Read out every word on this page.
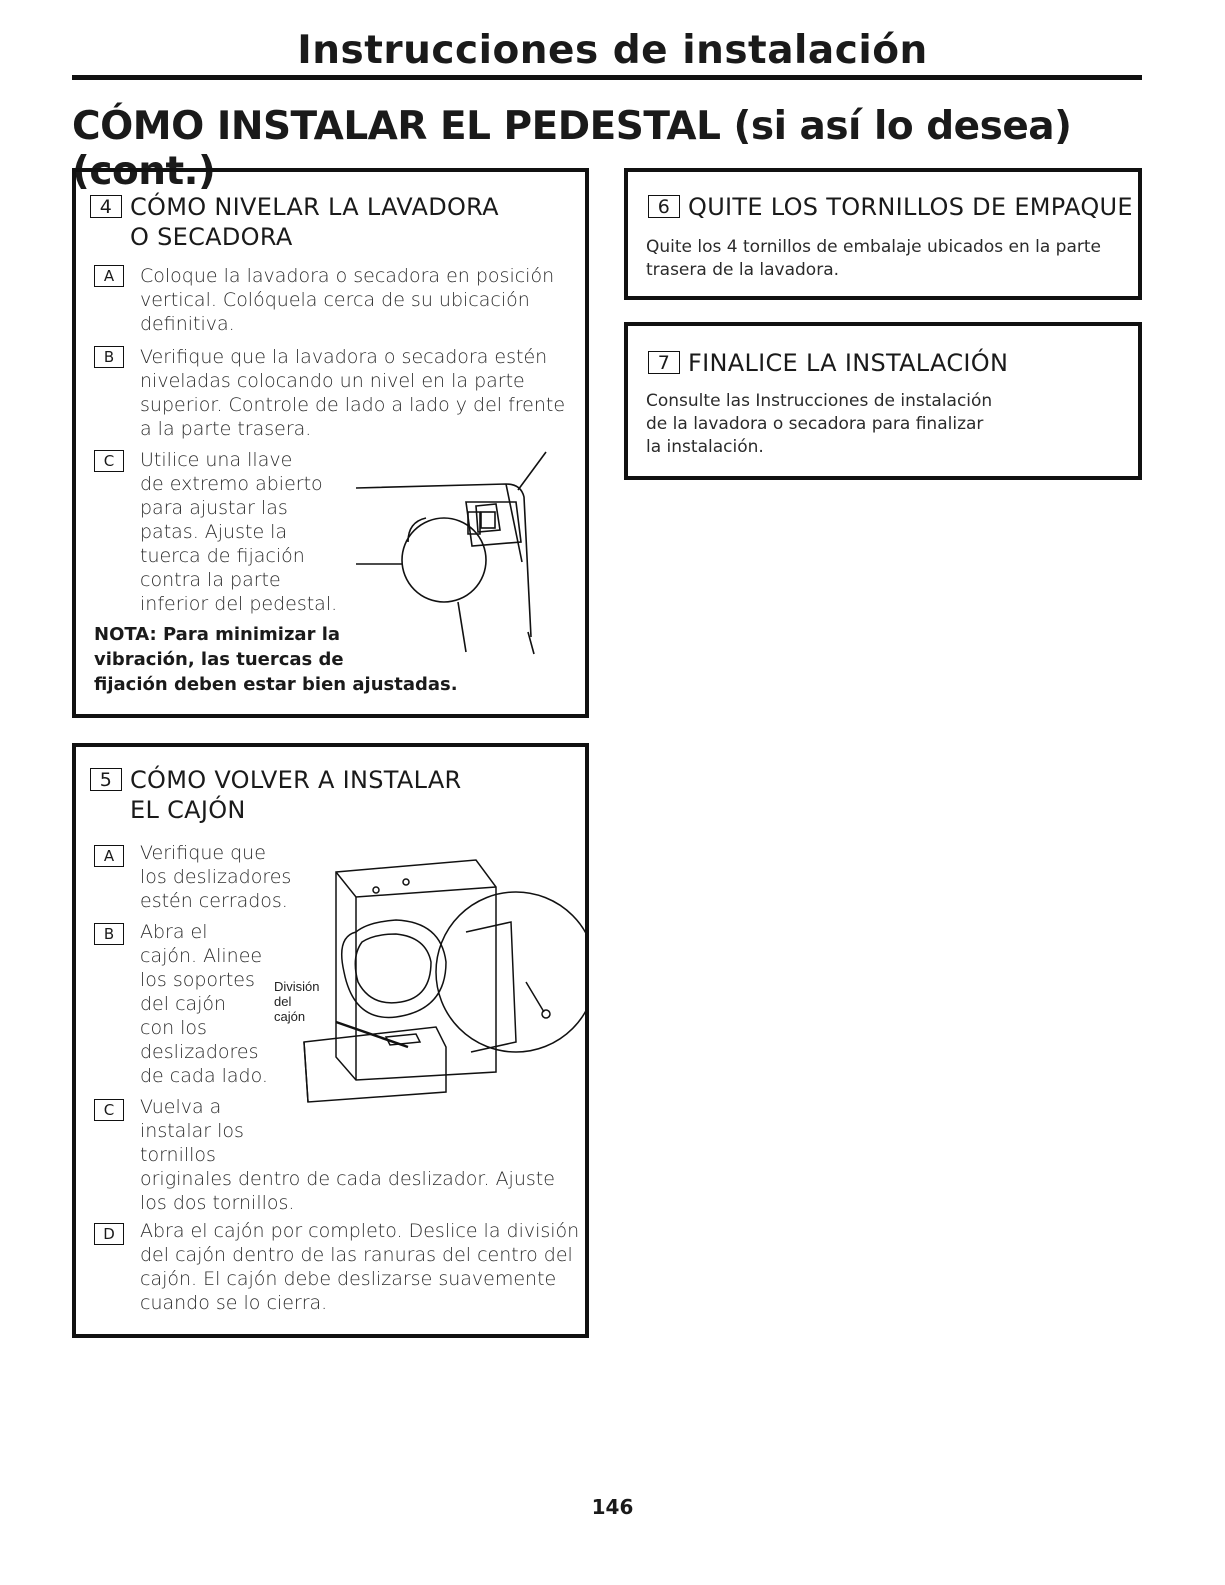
Instrucciones de instalación
CÓMO INSTALAR EL PEDESTAL (si así lo desea) (cont.)
4 CÓMO NIVELAR LA LAVADORA
O SECADORA
A	Coloque la lavadora o secadora en posición
vertical. Colóquela cerca de su ubicación
definitiva.
B	Verifique que la lavadora o secadora estén
niveladas colocando un nivel en la parte
superior. Controle de lado a lado y del frente
a la parte trasera.
C	Utilice una llave
de extremo abierto
para ajustar las
patas. Ajuste la
tuerca de fijación
contra la parte
inferior del pedestal.
NOTA: Para minimizar la
vibración, las tuercas de
fijación deben estar bien ajustadas.
5 CÓMO VOLVER A INSTALAR
EL CAJÓN
A	Verifique que
los deslizadores
estén cerrados.
B	Abra el
cajón. Alinee
los soportes
del cajón
con los
deslizadores
de cada lado.
C	Vuelva a
instalar los
tornillos
originales dentro de cada deslizador. Ajuste
los dos tornillos.
D	Abra el cajón por completo. Deslice la división
del cajón dentro de las ranuras del centro del
cajón. El cajón debe deslizarse suavemente
cuando se lo cierra.
División
del
cajón
6 QUITE LOS TORNILLOS DE EMPAQUE
Quite los 4 tornillos de embalaje ubicados en la parte
trasera de la lavadora.
7 FINALICE LA INSTALACIÓN
Consulte las Instrucciones de instalación
de la lavadora o secadora para finalizar
la instalación.
146
